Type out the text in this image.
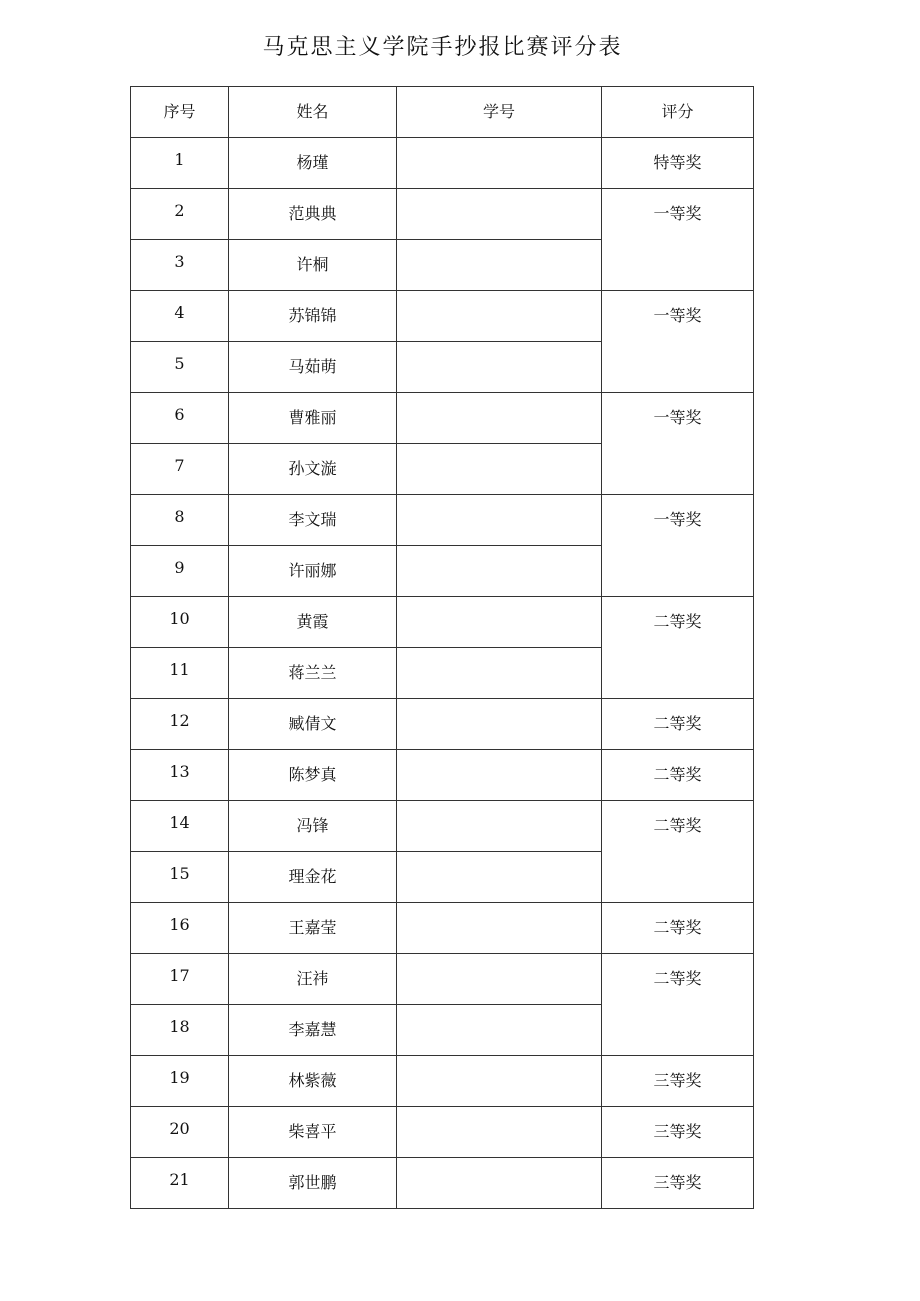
马克思主义学院手抄报比赛评分表
序号	姓名	学号	评分
1	杨瑾		特等奖
2	范典典		一等奖
3	许桐		
4	苏锦锦		一等奖
5	马茹萌		
6	曹雅丽		一等奖
7	孙文漩		
8	李文瑞		一等奖
9	许丽娜		
10	黄霞		二等奖
11	蒋兰兰		
12	臧倩文		二等奖
13	陈梦真		二等奖
14	冯锋		二等奖
15	理金花		
16	王嘉莹		二等奖
17	汪祎		二等奖
18	李嘉慧		
19	林紫薇		三等奖
20	柴喜平		三等奖
21	郭世鹏		三等奖
